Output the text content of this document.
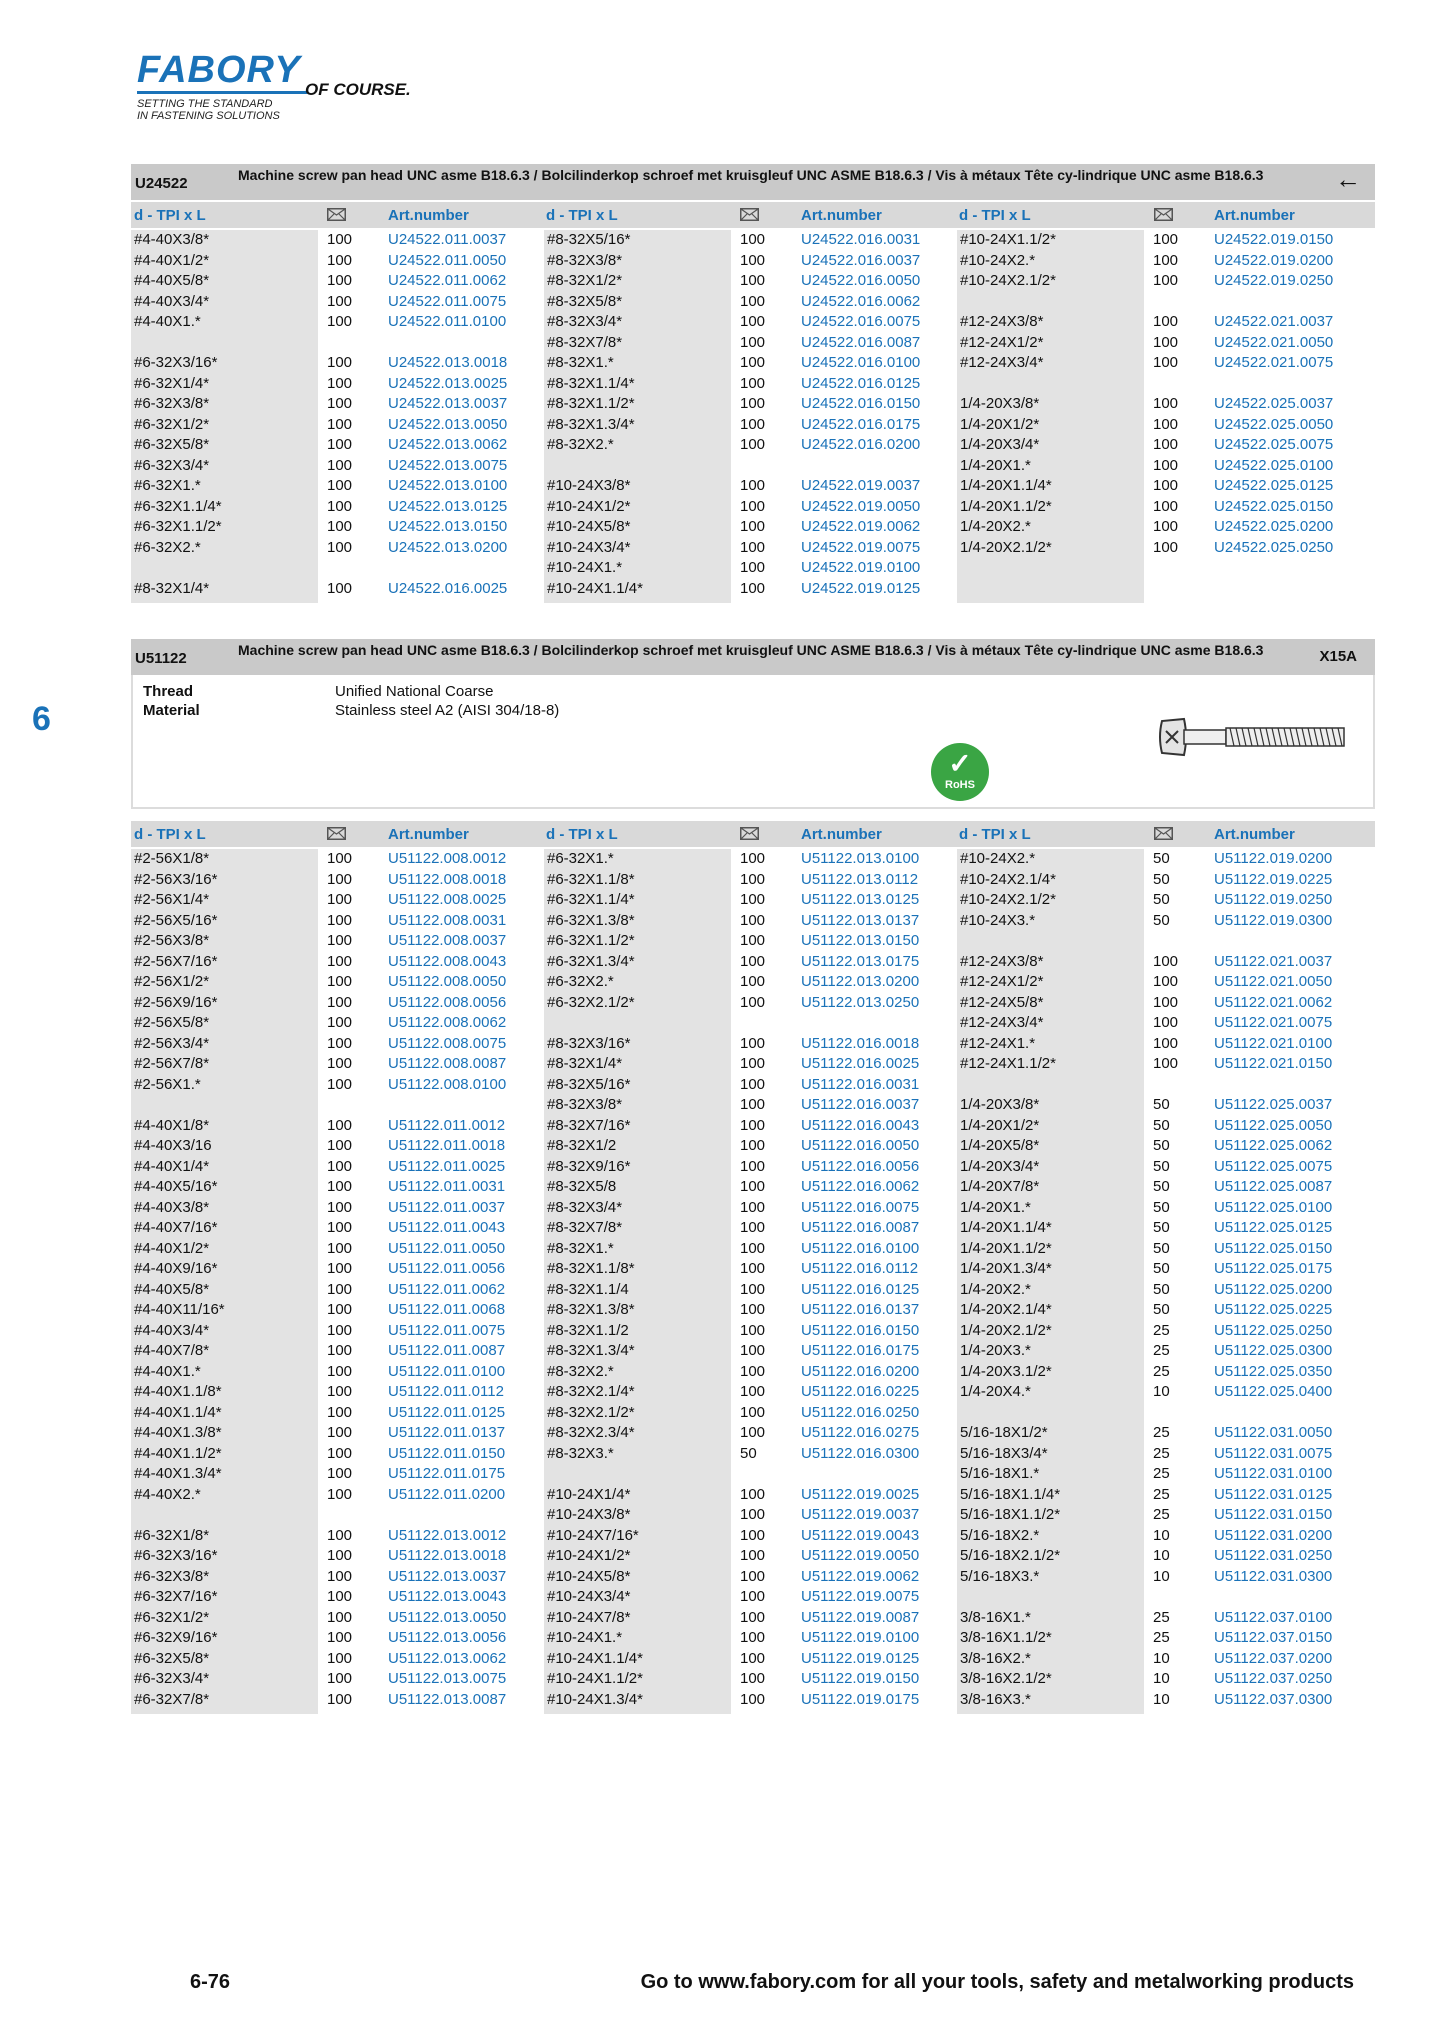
FABORY OF COURSE.
SETTING THE STANDARD
IN FASTENING SOLUTIONS
6
U24522	Machine screw pan head UNC asme B18.6.3 / Bolcilinderkop schroef met kruisgleuf UNC ASME B18.6.3 / Vis à métaux Tête cy-lindrique UNC asme B18.6.3	←
d - TPI x L	Art.number	d - TPI x L	Art.number	d - TPI x L	Art.number
#4-40X3/8*	100 U24522.011.0037
#4-40X1/2*	100 U24522.011.0050
#4-40X5/8*	100 U24522.011.0062
#4-40X3/4*	100 U24522.011.0075
#4-40X1.*	100 U24522.011.0100
#6-32X3/16*	100 U24522.013.0018
#6-32X1/4*	100 U24522.013.0025
#6-32X3/8*	100 U24522.013.0037
#6-32X1/2*	100 U24522.013.0050
#6-32X5/8*	100 U24522.013.0062
#6-32X3/4*	100 U24522.013.0075
#6-32X1.*	100 U24522.013.0100
#6-32X1.1/4*	100 U24522.013.0125
#6-32X1.1/2*	100 U24522.013.0150
#6-32X2.*	100 U24522.013.0200
#8-32X1/4*	100 U24522.016.0025
#8-32X5/16*	100 U24522.016.0031
#8-32X3/8*	100 U24522.016.0037
#8-32X1/2*	100 U24522.016.0050
#8-32X5/8*	100 U24522.016.0062
#8-32X3/4*	100 U24522.016.0075
#8-32X7/8*	100 U24522.016.0087
#8-32X1.*	100 U24522.016.0100
#8-32X1.1/4*	100 U24522.016.0125
#8-32X1.1/2*	100 U24522.016.0150
#8-32X1.3/4*	100 U24522.016.0175
#8-32X2.*	100 U24522.016.0200
#10-24X3/8*	100 U24522.019.0037
#10-24X1/2*	100 U24522.019.0050
#10-24X5/8*	100 U24522.019.0062
#10-24X3/4*	100 U24522.019.0075
#10-24X1.*	100 U24522.019.0100
#10-24X1.1/4*	100 U24522.019.0125
#10-24X1.1/2*	100 U24522.019.0150
#10-24X2.*	100 U24522.019.0200
#10-24X2.1/2*	100 U24522.019.0250
#12-24X3/8*	100 U24522.021.0037
#12-24X1/2*	100 U24522.021.0050
#12-24X3/4*	100 U24522.021.0075
1/4-20X3/8*	100 U24522.025.0037
1/4-20X1/2*	100 U24522.025.0050
1/4-20X3/4*	100 U24522.025.0075
1/4-20X1.*	100 U24522.025.0100
1/4-20X1.1/4*	100 U24522.025.0125
1/4-20X1.1/2*	100 U24522.025.0150
1/4-20X2.*	100 U24522.025.0200
1/4-20X2.1/2*	100 U24522.025.0250
U51122	Machine screw pan head UNC asme B18.6.3 / Bolcilinderkop schroef met kruisgleuf UNC ASME B18.6.3 / Vis à métaux Tête cy-lindrique UNC asme B18.6.3	X15A
Thread	Unified National Coarse
Material	Stainless steel A2 (AISI 304/18-8)
✓
RoHS
d - TPI x L	Art.number	d - TPI x L	Art.number	d - TPI x L	Art.number
#2-56X1/8*	100 U51122.008.0012
#2-56X3/16*	100 U51122.008.0018
#2-56X1/4*	100 U51122.008.0025
#2-56X5/16*	100 U51122.008.0031
#2-56X3/8*	100 U51122.008.0037
#2-56X7/16*	100 U51122.008.0043
#2-56X1/2*	100 U51122.008.0050
#2-56X9/16*	100 U51122.008.0056
#2-56X5/8*	100 U51122.008.0062
#2-56X3/4*	100 U51122.008.0075
#2-56X7/8*	100 U51122.008.0087
#2-56X1.*	100 U51122.008.0100
#4-40X1/8*	100 U51122.011.0012
#4-40X3/16	100 U51122.011.0018
#4-40X1/4*	100 U51122.011.0025
#4-40X5/16*	100 U51122.011.0031
#4-40X3/8*	100 U51122.011.0037
#4-40X7/16*	100 U51122.011.0043
#4-40X1/2*	100 U51122.011.0050
#4-40X9/16*	100 U51122.011.0056
#4-40X5/8*	100 U51122.011.0062
#4-40X11/16*	100 U51122.011.0068
#4-40X3/4*	100 U51122.011.0075
#4-40X7/8*	100 U51122.011.0087
#4-40X1.*	100 U51122.011.0100
#4-40X1.1/8*	100 U51122.011.0112
#4-40X1.1/4*	100 U51122.011.0125
#4-40X1.3/8*	100 U51122.011.0137
#4-40X1.1/2*	100 U51122.011.0150
#4-40X1.3/4*	100 U51122.011.0175
#4-40X2.*	100 U51122.011.0200
#6-32X1/8*	100 U51122.013.0012
#6-32X3/16*	100 U51122.013.0018
#6-32X3/8*	100 U51122.013.0037
#6-32X7/16*	100 U51122.013.0043
#6-32X1/2*	100 U51122.013.0050
#6-32X9/16*	100 U51122.013.0056
#6-32X5/8*	100 U51122.013.0062
#6-32X3/4*	100 U51122.013.0075
#6-32X7/8*	100 U51122.013.0087
#6-32X1.*	100 U51122.013.0100
#6-32X1.1/8*	100 U51122.013.0112
#6-32X1.1/4*	100 U51122.013.0125
#6-32X1.3/8*	100 U51122.013.0137
#6-32X1.1/2*	100 U51122.013.0150
#6-32X1.3/4*	100 U51122.013.0175
#6-32X2.*	100 U51122.013.0200
#6-32X2.1/2*	100 U51122.013.0250
#8-32X3/16*	100 U51122.016.0018
#8-32X1/4*	100 U51122.016.0025
#8-32X5/16*	100 U51122.016.0031
#8-32X3/8*	100 U51122.016.0037
#8-32X7/16*	100 U51122.016.0043
#8-32X1/2	100 U51122.016.0050
#8-32X9/16*	100 U51122.016.0056
#8-32X5/8	100 U51122.016.0062
#8-32X3/4*	100 U51122.016.0075
#8-32X7/8*	100 U51122.016.0087
#8-32X1.*	100 U51122.016.0100
#8-32X1.1/8*	100 U51122.016.0112
#8-32X1.1/4	100 U51122.016.0125
#8-32X1.3/8*	100 U51122.016.0137
#8-32X1.1/2	100 U51122.016.0150
#8-32X1.3/4*	100 U51122.016.0175
#8-32X2.*	100 U51122.016.0200
#8-32X2.1/4*	100 U51122.016.0225
#8-32X2.1/2*	100 U51122.016.0250
#8-32X2.3/4*	100 U51122.016.0275
#8-32X3.*	50	U51122.016.0300
#10-24X1/4*	100 U51122.019.0025
#10-24X3/8*	100 U51122.019.0037
#10-24X7/16*	100 U51122.019.0043
#10-24X1/2*	100 U51122.019.0050
#10-24X5/8*	100 U51122.019.0062
#10-24X3/4*	100 U51122.019.0075
#10-24X7/8*	100 U51122.019.0087
#10-24X1.*	100 U51122.019.0100
#10-24X1.1/4*	100 U51122.019.0125
#10-24X1.1/2*	100 U51122.019.0150
#10-24X1.3/4*	100 U51122.019.0175
#10-24X2.*	50	U51122.019.0200
#10-24X2.1/4*	50	U51122.019.0225
#10-24X2.1/2*	50	U51122.019.0250
#10-24X3.*	50	U51122.019.0300
#12-24X3/8*	100 U51122.021.0037
#12-24X1/2*	100 U51122.021.0050
#12-24X5/8*	100 U51122.021.0062
#12-24X3/4*	100 U51122.021.0075
#12-24X1.*	100 U51122.021.0100
#12-24X1.1/2*	100 U51122.021.0150
1/4-20X3/8*	50	U51122.025.0037
1/4-20X1/2*	50	U51122.025.0050
1/4-20X5/8*	50	U51122.025.0062
1/4-20X3/4*	50	U51122.025.0075
1/4-20X7/8*	50	U51122.025.0087
1/4-20X1.*	50	U51122.025.0100
1/4-20X1.1/4*	50	U51122.025.0125
1/4-20X1.1/2*	50	U51122.025.0150
1/4-20X1.3/4*	50	U51122.025.0175
1/4-20X2.*	50	U51122.025.0200
1/4-20X2.1/4*	50	U51122.025.0225
1/4-20X2.1/2*	25	U51122.025.0250
1/4-20X3.*	25	U51122.025.0300
1/4-20X3.1/2*	25	U51122.025.0350
1/4-20X4.*	10	U51122.025.0400
5/16-18X1/2*	25	U51122.031.0050
5/16-18X3/4*	25	U51122.031.0075
5/16-18X1.*	25	U51122.031.0100
5/16-18X1.1/4*	25	U51122.031.0125
5/16-18X1.1/2*	25	U51122.031.0150
5/16-18X2.*	10	U51122.031.0200
5/16-18X2.1/2*	10	U51122.031.0250
5/16-18X3.*	10	U51122.031.0300
3/8-16X1.*	25	U51122.037.0100
3/8-16X1.1/2*	25	U51122.037.0150
3/8-16X2.*	10	U51122.037.0200
3/8-16X2.1/2*	10	U51122.037.0250
3/8-16X3.*	10	U51122.037.0300
6-76	Go to www.fabory.com for all your tools, safety and metalworking products
